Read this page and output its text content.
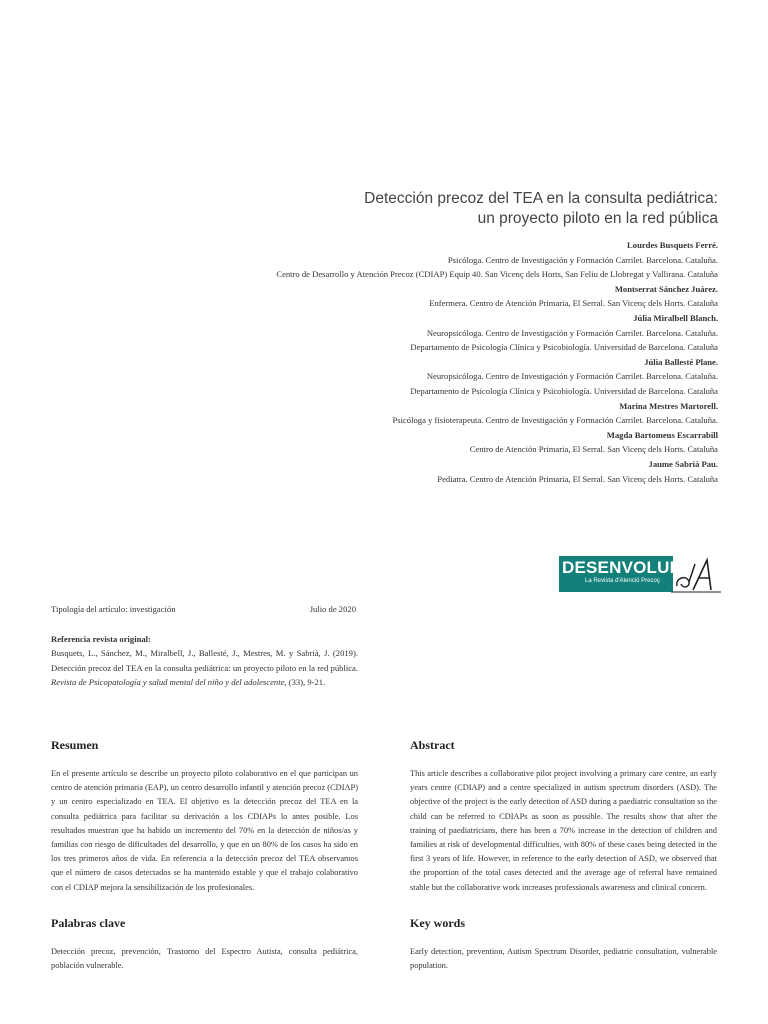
Detección precoz del TEA en la consulta pediátrica:
un proyecto piloto en la red pública
Lourdes Busquets Ferré.
Psicóloga. Centro de Investigación y Formación Carrilet. Barcelona. Cataluña.
Centro de Desarrollo y Atención Precoz (CDIAP) Equip 40. San Vicenç dels Horts, San Feliu de Llobregat y Vallirana. Cataluña
Montserrat Sánchez Juárez.
Enfermera. Centro de Atención Primaria, El Serral. San Vicenç dels Horts. Cataluña
Júlia Miralbell Blanch.
Neuropsicóloga. Centro de Investigación y Formación Carrilet. Barcelona. Cataluña.
Departamento de Psicología Clínica y Psicobiología. Universidad de Barcelona. Cataluña
Júlia Ballesté Plane.
Neuropsicóloga. Centro de Investigación y Formación Carrilet. Barcelona. Cataluña.
Departamento de Psicología Clínica y Psicobiología. Universidad de Barcelona. Cataluña
Marina Mestres Martorell.
Psicóloga y fisioterapeuta. Centro de Investigación y Formación Carrilet. Barcelona. Cataluña.
Magda Bartomeus Escarrabill
Centro de Atención Primaria, El Serral. San Vicenç dels Horts. Cataluña
Jaume Sabrià Pau.
Pediatra. Centro de Atención Primaria, El Serral. San Vicenç dels Horts. Cataluña
DESENVOLUPA
La Revista d'Atenció Precoç
Tipología del artículo: investigación	Julio de 2020
Referencia revista original:
Busquets, L., Sánchez, M., Miralbell, J., Ballesté, J., Mestres, M. y Sabrià, J. (2019). Detección precoz del TEA en la consulta pediátrica: un proyecto piloto en la red pública. Revista de Psicopatología y salud mental del niño y del adolescente, (33), 9-21.
Resumen
En el presente artículo se describe un proyecto piloto colaborativo en el que participan un centro de atención primaria (EAP), un centro desarrollo infantil y atención precoz (CDIAP) y un centro especializado en TEA. El objetivo es la detección precoz del TEA en la consulta pediátrica para facilitar su derivación a los CDIAPs lo antes posible. Los resultados muestran que ha habido un incremento del 70% en la detección de niños/as y familias con riesgo de dificultades del desarrollo, y que en un 80% de los casos ha sido en los tres primeros años de vida. En referencia a la detección precoz del TEA observamos que el número de casos detectados se ha mantenido estable y que el trabajo colaborativo con el CDIAP mejora la sensibilización de los profesionales.
Abstract
This article describes a collaborative pilot project involving a primary care centre, an early years centre (CDIAP) and a centre specialized in autism spectrum disorders (ASD). The objective of the project is the early detection of ASD during a paediatric consultation so the child can be referred to CDIAPs as soon as possible. The results show that after the training of paediatricians, there has been a 70% increase in the detection of children and families at risk of developmental difficulties, with 80% of these cases being detected in the first 3 years of life. However, in reference to the early detection of ASD, we observed that the proportion of the total cases detected and the average age of referral have remained stable but the collaborative work increases professionals awareness and clinical concern.
Palabras clave
Detección precoz, prevención, Trastorno del Espectro Autista, consulta pediátrica, población vulnerable.
Key words
Early detection, prevention, Autism Spectrum Disorder, pediatric consultation, vulnerable population.
